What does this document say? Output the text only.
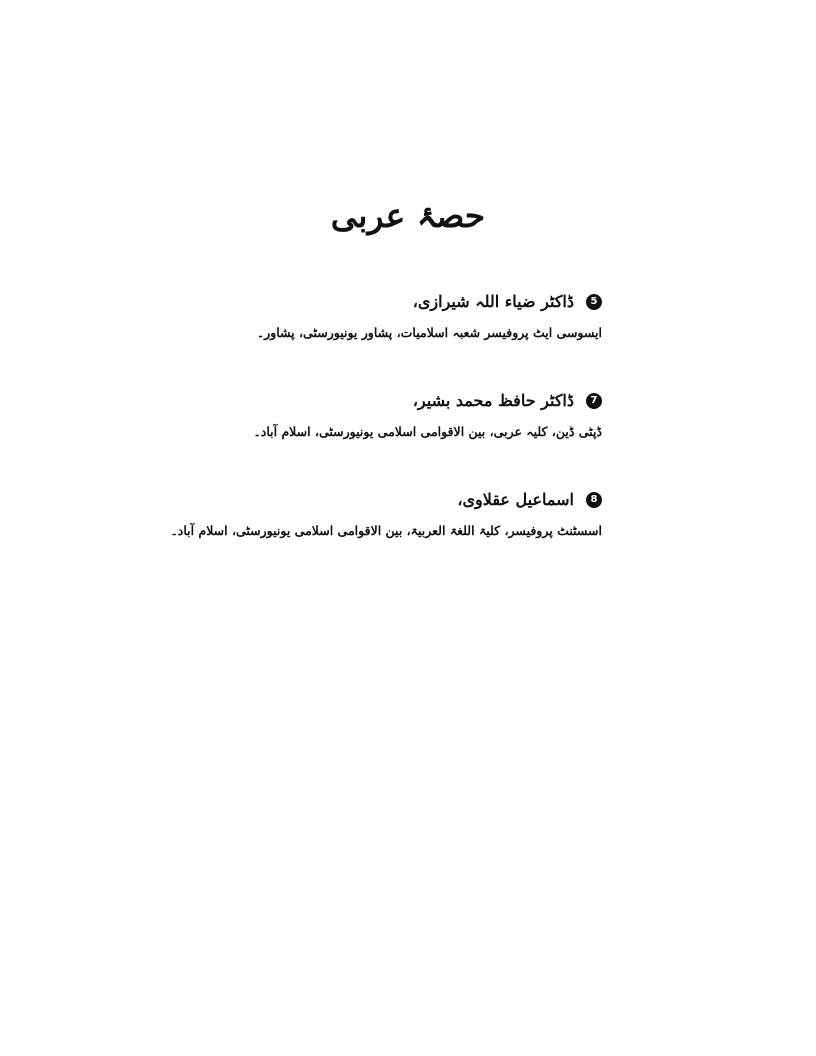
حصۂ عربی
5
ڈاکٹر ضیاء اللہ شیرازی،
ایسوسی ایٹ پروفیسر شعبہ اسلامیات، پشاور یونیورسٹی، پشاور۔
7
ڈاکٹر حافظ محمد بشیر،
ڈپٹی ڈین، کلیہ عربی، بین الاقوامی اسلامی یونیورسٹی، اسلام آباد۔
8
اسماعیل عقلاوی،
اسسٹنٹ پروفیسر، کلیۃ اللغۃ العربیۃ، بین الاقوامی اسلامی یونیورسٹی، اسلام آباد۔
